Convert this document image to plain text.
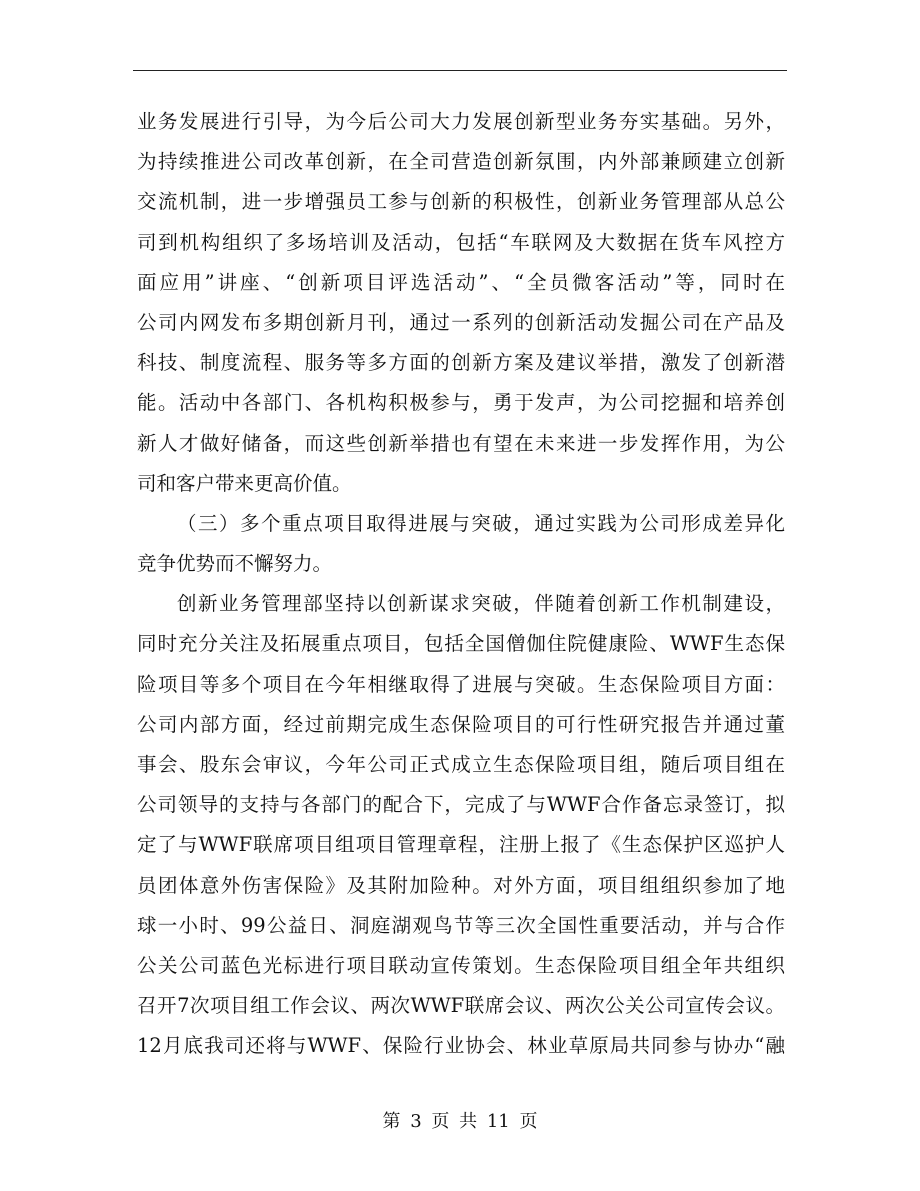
业务发展进行引导，为今后公司大力发展创新型业务夯实基础。另外，
为持续推进公司改革创新，在全司营造创新氛围，内外部兼顾建立创新
交流机制，进一步增强员工参与创新的积极性，创新业务管理部从总公
司到机构组织了多场培训及活动，包括“车联网及大数据在货车风控方
面应用”讲座、“创新项目评选活动”、“全员微客活动”等，同时在
公司内网发布多期创新月刊，通过一系列的创新活动发掘公司在产品及
科技、制度流程、服务等多方面的创新方案及建议举措，激发了创新潜
能。活动中各部门、各机构积极参与，勇于发声，为公司挖掘和培养创
新人才做好储备，而这些创新举措也有望在未来进一步发挥作用，为公
司和客户带来更高价值。
（三）多个重点项目取得进展与突破，通过实践为公司形成差异化
竞争优势而不懈努力。
创新业务管理部坚持以创新谋求突破，伴随着创新工作机制建设，
同时充分关注及拓展重点项目，包括全国僧伽住院健康险、WWF生态保
险项目等多个项目在今年相继取得了进展与突破。生态保险项目方面：
公司内部方面，经过前期完成生态保险项目的可行性研究报告并通过董
事会、股东会审议，今年公司正式成立生态保险项目组，随后项目组在
公司领导的支持与各部门的配合下，完成了与WWF合作备忘录签订，拟
定了与WWF联席项目组项目管理章程，注册上报了《生态保护区巡护人
员团体意外伤害保险》及其附加险种。对外方面，项目组组织参加了地
球一小时、99公益日、洞庭湖观鸟节等三次全国性重要活动，并与合作
公关公司蓝色光标进行项目联动宣传策划。生态保险项目组全年共组织
召开7次项目组工作会议、两次WWF联席会议、两次公关公司宣传会议。
12月底我司还将与WWF、保险行业协会、林业草原局共同参与协办“融
第 3 页 共 11 页
